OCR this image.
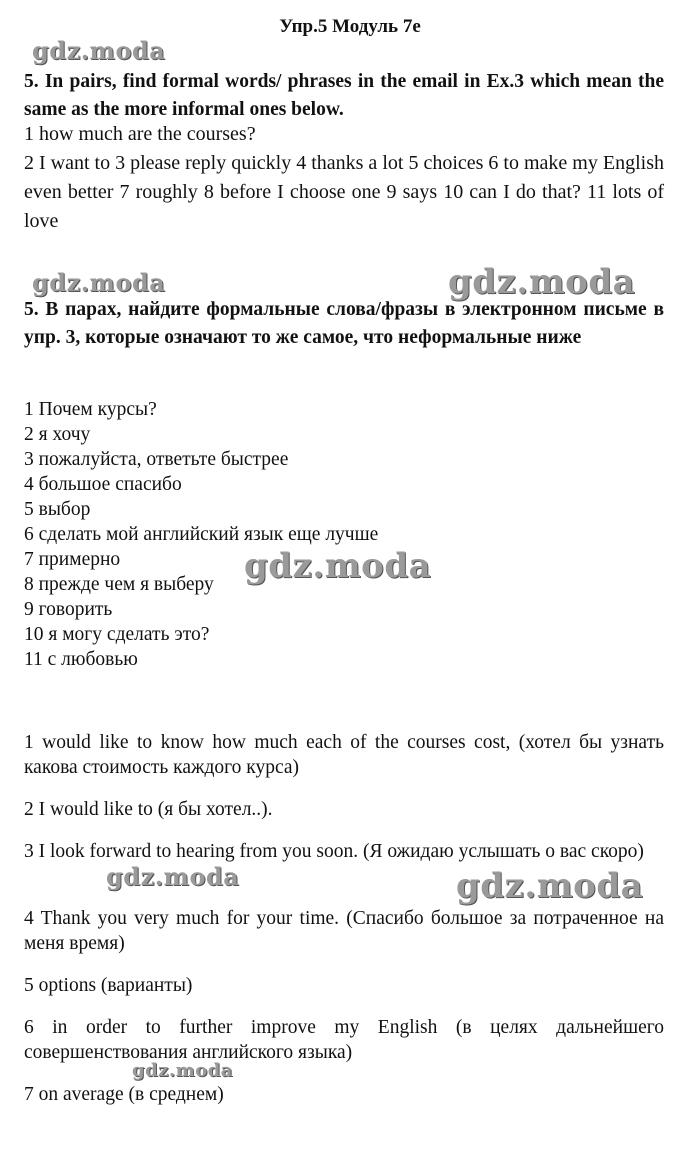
Упр.5 Модуль 7е
5. In pairs, find formal words/ phrases in the email in Ex.3 which mean the same as the more informal ones below.
1 how much are the courses?
2 I want to 3 please reply quickly 4 thanks a lot 5 choices 6 to make my English even better 7 roughly 8 before I choose one 9 says 10 can I do that? 11 lots of love
5. В парах, найдите формальные слова/фразы в электронном письме в упр. 3, которые означают то же самое, что неформальные ниже
1 Почем курсы?
2 я хочу
3 пожалуйста, ответьте быстрее
4 большое спасибо
5 выбор
6 сделать мой английский язык еще лучше
7 примерно
8 прежде чем я выберу
9 говорить
10 я могу сделать это?
11 с любовью
1 would like to know how much each of the courses cost, (хотел бы узнать какова стоимость каждого курса)
2 I would like to (я бы хотел..).
3 I look forward to hearing from you soon. (Я ожидаю услышать о вас скоро)
4 Thank you very much for your time. (Спасибо большое за потраченное на меня время)
5 options (варианты)
6 in order to further improve my English (в целях дальнейшего совершенствования английского языка)
7 on average (в среднем)
gdz.moda
gdz.moda	gdz.moda
gdz.moda
gdz.moda	gdz.moda
gdz.moda
